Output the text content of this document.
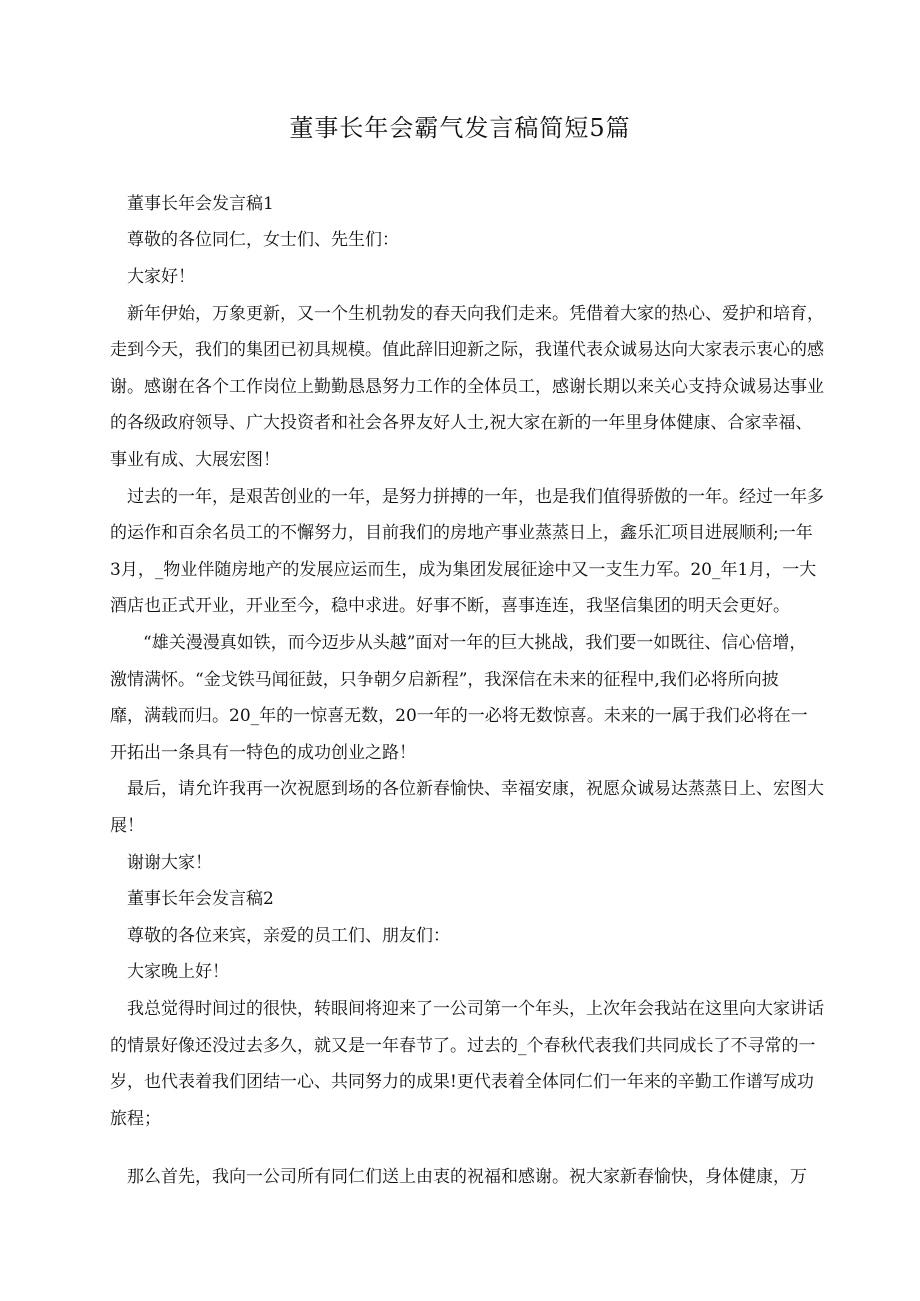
董事长年会霸气发言稿简短5篇

董事长年会发言稿1

尊敬的各位同仁，女士们、先生们：

大家好！

新年伊始，万象更新，又一个生机勃发的春天向我们走来。凭借着大家的热心、爱护和培育，

走到今天，我们的集团已初具规模。值此辞旧迎新之际，我谨代表众诚易达向大家表示衷心的感

谢。感谢在各个工作岗位上勤勤恳恳努力工作的全体员工，感谢长期以来关心支持众诚易达事业

的各级政府领导、广大投资者和社会各界友好人士,祝大家在新的一年里身体健康、合家幸福、

事业有成、大展宏图！

过去的一年，是艰苦创业的一年，是努力拼搏的一年，也是我们值得骄傲的一年。经过一年多

的运作和百余名员工的不懈努力，目前我们的房地产事业蒸蒸日上，鑫乐汇项目进展顺利;一年

3月，_物业伴随房地产的发展应运而生，成为集团发展征途中又一支生力军。20_年1月，一大

酒店也正式开业，开业至今，稳中求进。好事不断，喜事连连，我坚信集团的明天会更好。

“雄关漫漫真如铁，而今迈步从头越”面对一年的巨大挑战，我们要一如既往、信心倍增，

激情满怀。“金戈铁马闻征鼓，只争朝夕启新程”，我深信在未来的征程中,我们必将所向披

靡，满载而归。20_年的一惊喜无数，20一年的一必将无数惊喜。未来的一属于我们必将在一

开拓出一条具有一特色的成功创业之路！

最后，请允许我再一次祝愿到场的各位新春愉快、幸福安康，祝愿众诚易达蒸蒸日上、宏图大

展！

谢谢大家！

董事长年会发言稿2

尊敬的各位来宾，亲爱的员工们、朋友们：

大家晚上好！

我总觉得时间过的很快，转眼间将迎来了一公司第一个年头，上次年会我站在这里向大家讲话

的情景好像还没过去多久，就又是一年春节了。过去的_个春秋代表我们共同成长了不寻常的一

岁，也代表着我们团结一心、共同努力的成果!更代表着全体同仁们一年来的辛勤工作谱写成功

旅程；

那么首先，我向一公司所有同仁们送上由衷的祝福和感谢。祝大家新春愉快，身体健康，万
